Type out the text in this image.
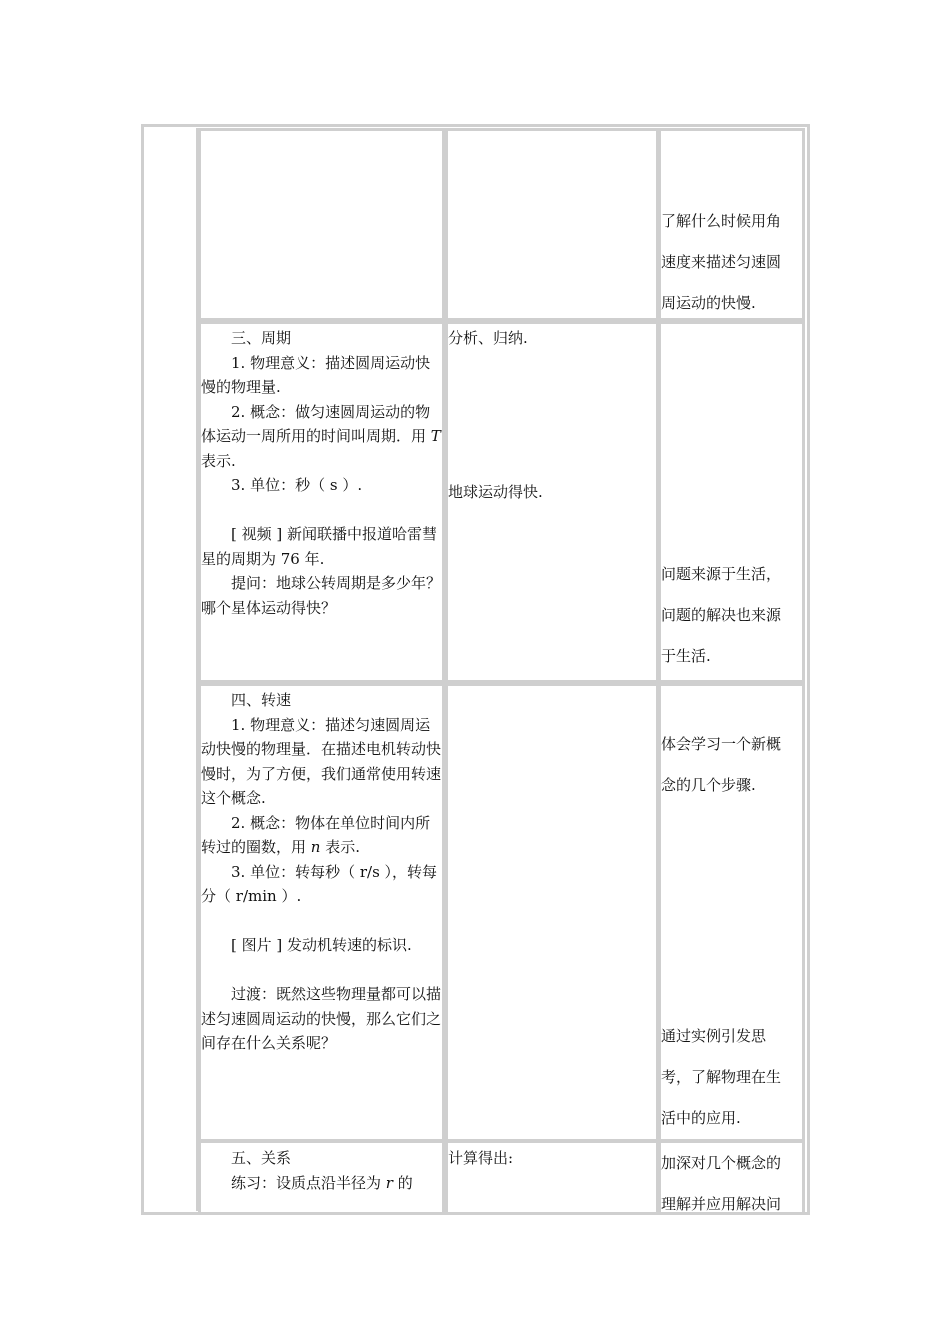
了解什么时候用角

速度来描述匀速圆

周运动的快慢.

三、周期

1. 物理意义：描述圆周运动快慢的物理量.

2. 概念：做匀速圆周运动的物体运动一周所用的时间叫周期．用 T 表示.

3. 单位：秒（ s ）.

[ 视频 ] 新闻联播中报道哈雷彗星的周期为 76 年.

提问：地球公转周期是多少年？哪个星体运动得快？

分析、归纳.

地球运动得快.

问题来源于生活，

问题的解决也来源

于生活.

四、转速

1. 物理意义：描述匀速圆周运动快慢的物理量．在描述电机转动快慢时，为了方便，我们通常使用转速这个概念.

2. 概念：物体在单位时间内所转过的圈数，用 n 表示.

3. 单位：转每秒（ r/s ），转每分（ r/min ）.

[ 图片 ] 发动机转速的标识.

过渡：既然这些物理量都可以描述匀速圆周运动的快慢，那么它们之间存在什么关系呢？

体会学习一个新概

念的几个步骤.

通过实例引发思

考，了解物理在生

活中的应用.

五、关系

练习：设质点沿半径为 r 的

计算得出:	加深对几个概念的

理解并应用解决问
